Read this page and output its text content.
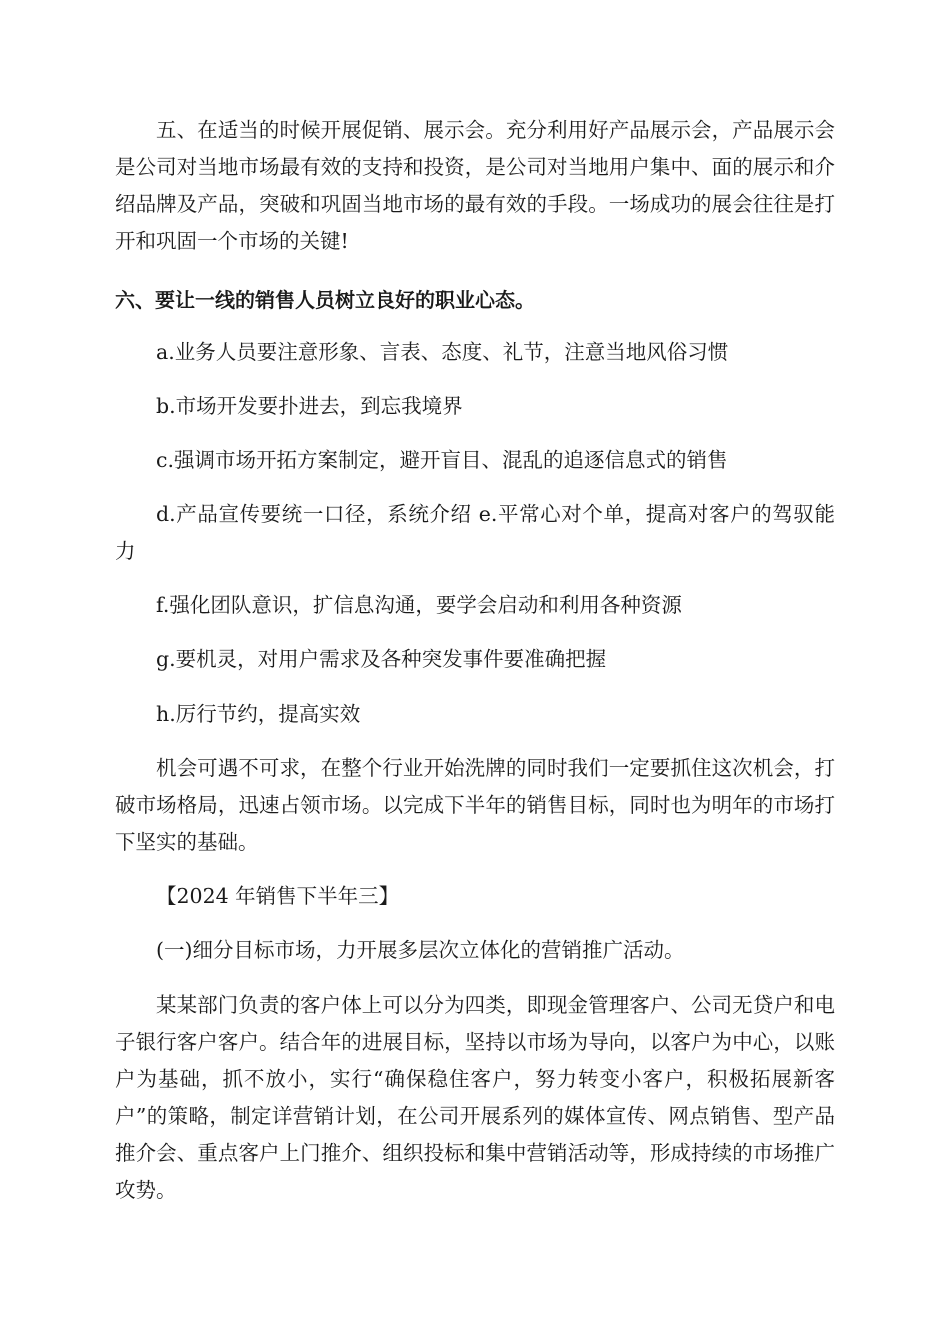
五、在适当的时候开展促销、展示会。充分利用好产品展示会，产品展示会是公司对当地市场最有效的支持和投资，是公司对当地用户集中、面的展示和介绍品牌及产品，突破和巩固当地市场的最有效的手段。一场成功的展会往往是打开和巩固一个市场的关键!

六、要让一线的销售人员树立良好的职业心态。

a.业务人员要注意形象、言表、态度、礼节，注意当地风俗习惯

b.市场开发要扑进去，到忘我境界

c.强调市场开拓方案制定，避开盲目、混乱的追逐信息式的销售

d.产品宣传要统一口径，系统介绍 e.平常心对个单，提高对客户的驾驭能力

f.强化团队意识，扩信息沟通，要学会启动和利用各种资源

g.要机灵，对用户需求及各种突发事件要准确把握

h.厉行节约，提高实效

机会可遇不可求，在整个行业开始洗牌的同时我们一定要抓住这次机会，打破市场格局，迅速占领市场。以完成下半年的销售目标，同时也为明年的市场打下坚实的基础。

【2024 年销售下半年三】

(一)细分目标市场，力开展多层次立体化的营销推广活动。

某某部门负责的客户体上可以分为四类，即现金管理客户、公司无贷户和电子银行客户客户。结合年的进展目标，坚持以市场为导向，以客户为中心，以账户为基础，抓不放小，实行“确保稳住客户，努力转变小客户，积极拓展新客户”的策略，制定详营销计划，在公司开展系列的媒体宣传、网点销售、型产品推介会、重点客户上门推介、组织投标和集中营销活动等，形成持续的市场推广攻势。
